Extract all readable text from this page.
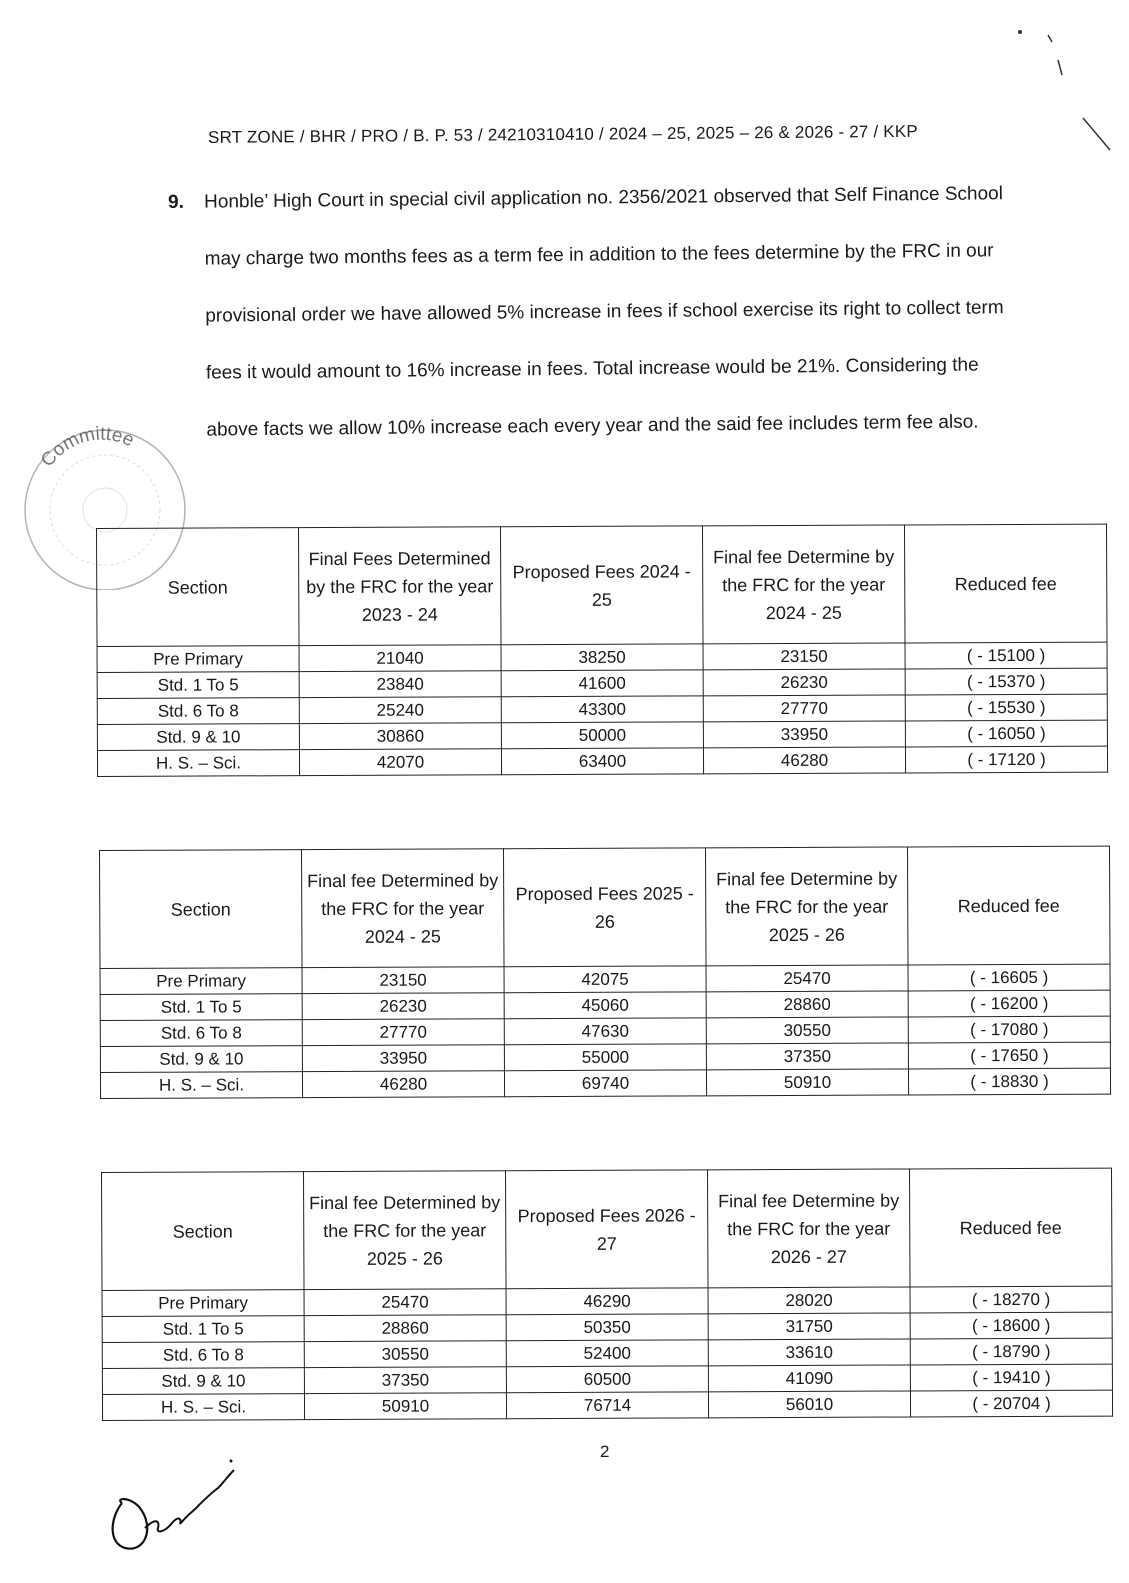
SRT ZONE / BHR / PRO / B. P. 53 / 24210310410 / 2024 – 25, 2025 – 26 & 2026 - 27 / KKP
9. Honble’ High Court in special civil application no. 2356/2021 observed that Self Finance School
may charge two months fees as a term fee in addition to the fees determine by the FRC in our
provisional order we have allowed 5% increase in fees if school exercise its right to collect term
fees it would amount to 16% increase in fees. Total increase would be 21%. Considering the
above facts we allow 10% increase each every year and the said fee includes term fee also.
Committee
Section	Final Fees Determined by the FRC for the year 2023 - 24	Proposed Fees 2024 - 25	Final fee Determine by the FRC for the year 2024 - 25	Reduced fee
Pre Primary	21040	38250	23150	( - 15100 )
Std. 1 To 5	23840	41600	26230	( - 15370 )
Std. 6 To 8	25240	43300	27770	( - 15530 )
Std. 9 & 10	30860	50000	33950	( - 16050 )
H. S. – Sci.	42070	63400	46280	( - 17120 )
Section	Final fee Determined by the FRC for the year 2024 - 25	Proposed Fees 2025 - 26	Final fee Determine by the FRC for the year 2025 - 26	Reduced fee
Pre Primary	23150	42075	25470	( - 16605 )
Std. 1 To 5	26230	45060	28860	( - 16200 )
Std. 6 To 8	27770	47630	30550	( - 17080 )
Std. 9 & 10	33950	55000	37350	( - 17650 )
H. S. – Sci.	46280	69740	50910	( - 18830 )
Section	Final fee Determined by the FRC for the year 2025 - 26	Proposed Fees 2026 - 27	Final fee Determine by the FRC for the year 2026 - 27	Reduced fee
Pre Primary	25470	46290	28020	( - 18270 )
Std. 1 To 5	28860	50350	31750	( - 18600 )
Std. 6 To 8	30550	52400	33610	( - 18790 )
Std. 9 & 10	37350	60500	41090	( - 19410 )
H. S. – Sci.	50910	76714	56010	( - 20704 )
2
